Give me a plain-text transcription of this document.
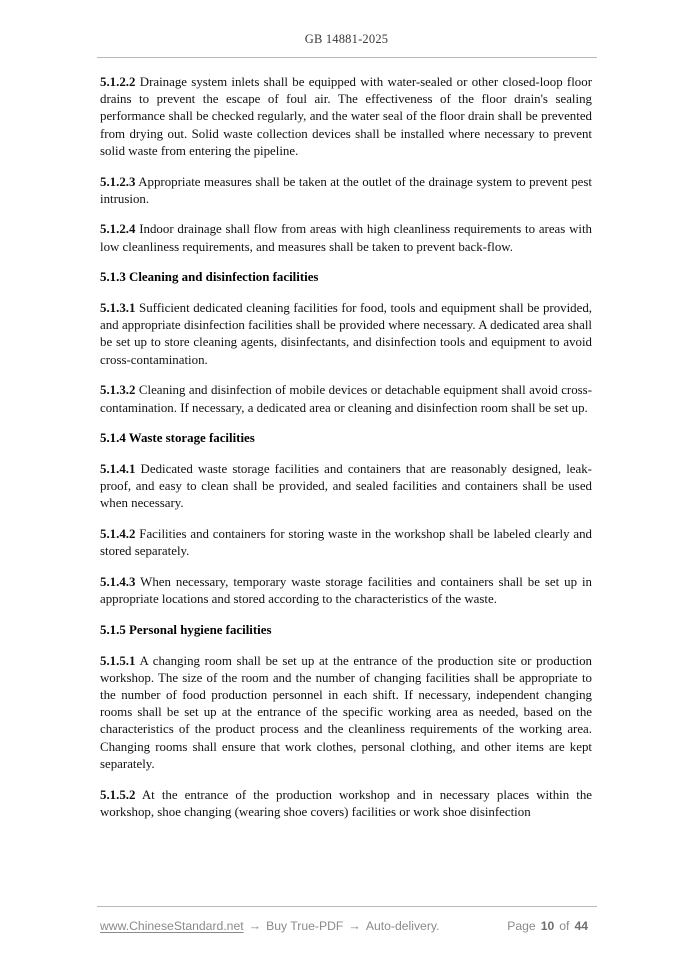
GB 14881-2025

5.1.2.2 Drainage system inlets shall be equipped with water-sealed or other closed-loop floor drains to prevent the escape of foul air. The effectiveness of the floor drain's sealing performance shall be checked regularly, and the water seal of the floor drain shall be prevented from drying out. Solid waste collection devices shall be installed where necessary to prevent solid waste from entering the pipeline.

5.1.2.3 Appropriate measures shall be taken at the outlet of the drainage system to prevent pest intrusion.

5.1.2.4 Indoor drainage shall flow from areas with high cleanliness requirements to areas with low cleanliness requirements, and measures shall be taken to prevent back-flow.

5.1.3 Cleaning and disinfection facilities

5.1.3.1 Sufficient dedicated cleaning facilities for food, tools and equipment shall be provided, and appropriate disinfection facilities shall be provided where necessary. A dedicated area shall be set up to store cleaning agents, disinfectants, and disinfection tools and equipment to avoid cross-contamination.

5.1.3.2 Cleaning and disinfection of mobile devices or detachable equipment shall avoid cross-contamination. If necessary, a dedicated area or cleaning and disinfection room shall be set up.

5.1.4 Waste storage facilities

5.1.4.1 Dedicated waste storage facilities and containers that are reasonably designed, leak-proof, and easy to clean shall be provided, and sealed facilities and containers shall be used when necessary.

5.1.4.2 Facilities and containers for storing waste in the workshop shall be labeled clearly and stored separately.

5.1.4.3 When necessary, temporary waste storage facilities and containers shall be set up in appropriate locations and stored according to the characteristics of the waste.

5.1.5 Personal hygiene facilities

5.1.5.1 A changing room shall be set up at the entrance of the production site or production workshop. The size of the room and the number of changing facilities shall be appropriate to the number of food production personnel in each shift. If necessary, independent changing rooms shall be set up at the entrance of the specific working area as needed, based on the characteristics of the product process and the cleanliness requirements of the working area. Changing rooms shall ensure that work clothes, personal clothing, and other items are kept separately.

5.1.5.2 At the entrance of the production workshop and in necessary places within the workshop, shoe changing (wearing shoe covers) facilities or work shoe disinfection

www.ChineseStandard.net → Buy True-PDF → Auto-delivery.	Page 10 of 44
